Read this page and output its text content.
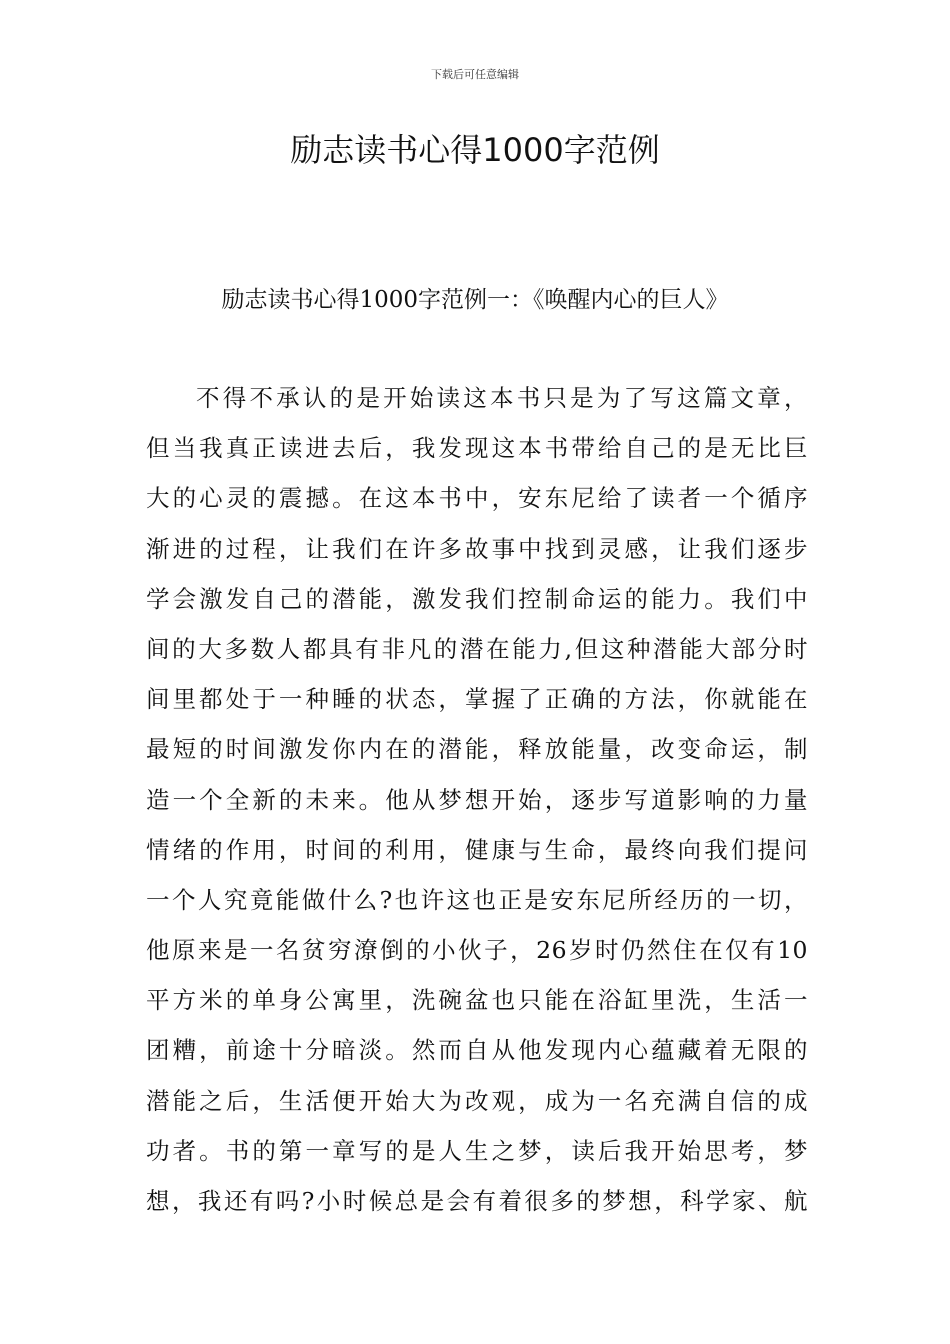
下载后可任意编辑
励志读书心得1000字范例
励志读书心得1000字范例一：《唤醒内心的巨人》
不得不承认的是开始读这本书只是为了写这篇文章，
但当我真正读进去后，我发现这本书带给自己的是无比巨
大的心灵的震撼。在这本书中，安东尼给了读者一个循序
渐进的过程，让我们在许多故事中找到灵感，让我们逐步
学会激发自己的潜能，激发我们控制命运的能力。我们中
间的大多数人都具有非凡的潜在能力,但这种潜能大部分时
间里都处于一种睡的状态，掌握了正确的方法，你就能在
最短的时间激发你内在的潜能，释放能量，改变命运，制
造一个全新的未来。他从梦想开始，逐步写道影响的力量
情绪的作用，时间的利用，健康与生命，最终向我们提问
一个人究竟能做什么?也许这也正是安东尼所经历的一切，
他原来是一名贫穷潦倒的小伙子，26岁时仍然住在仅有10
平方米的单身公寓里，洗碗盆也只能在浴缸里洗，生活一
团糟，前途十分暗淡。然而自从他发现内心蕴藏着无限的
潜能之后，生活便开始大为改观，成为一名充满自信的成
功者。书的第一章写的是人生之梦，读后我开始思考，梦
想，我还有吗?小时候总是会有着很多的梦想，科学家、航
